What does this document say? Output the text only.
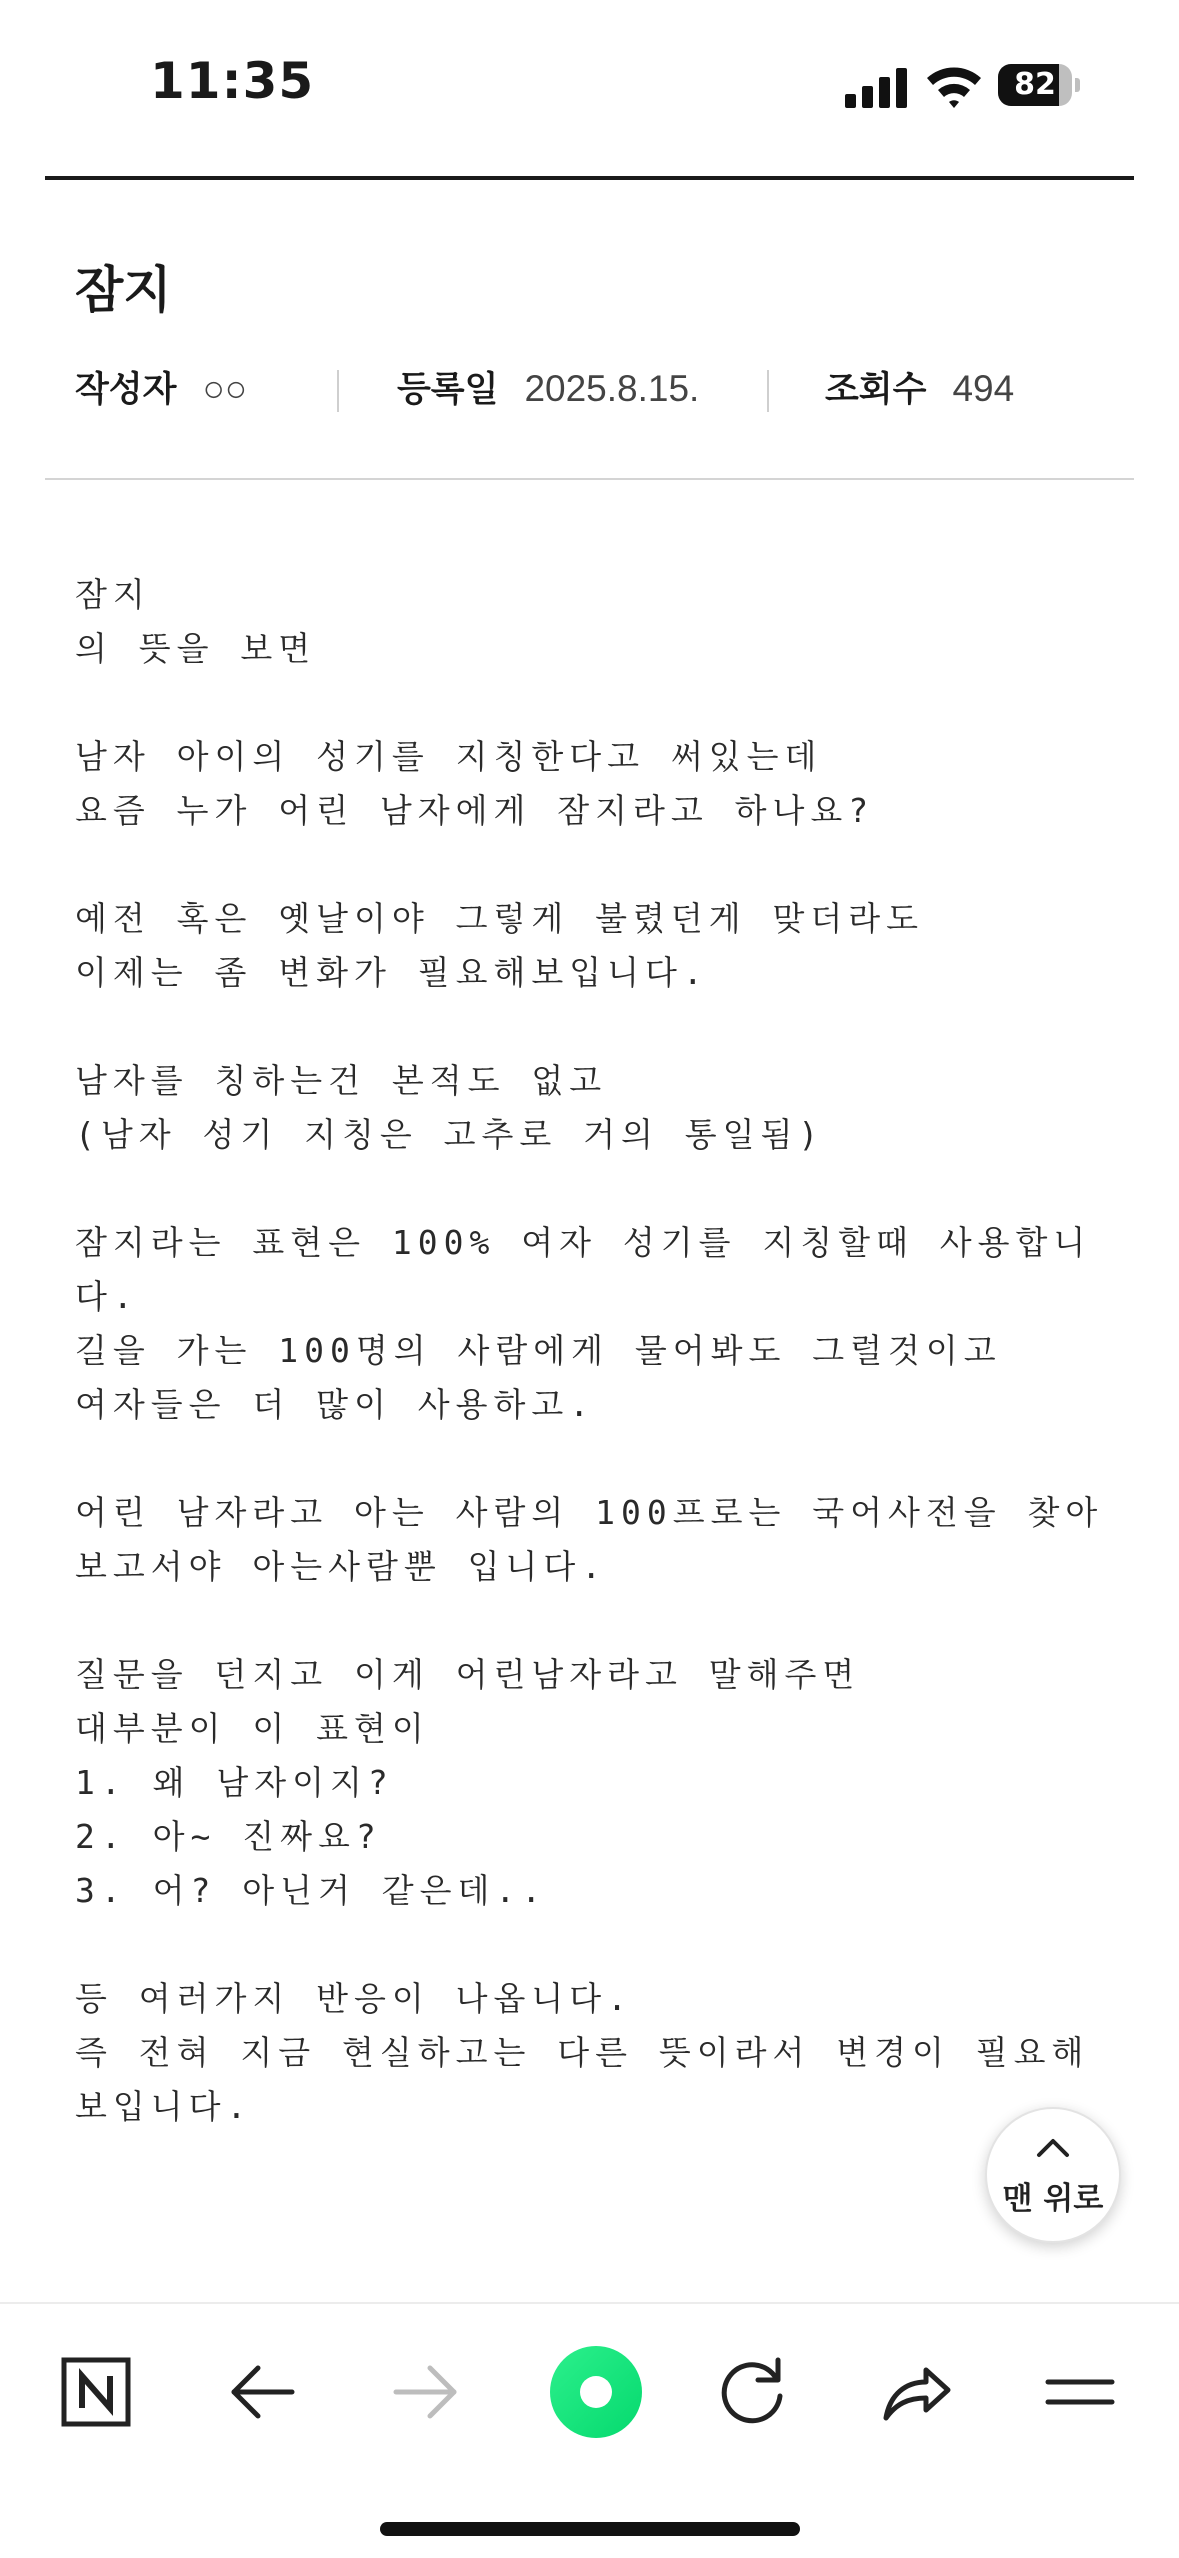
11:35	82
잠지
작성자 ○○	등록일 2025.8.15.	조회수 494

잠지

의 뜻을 보면

남자 아이의 성기를 지칭한다고 써있는데

요즘 누가 어린 남자에게 잠지라고 하나요?

예전 혹은 옛날이야 그렇게 불렸던게 맞더라도

이제는 좀 변화가 필요해보입니다.

남자를 칭하는건 본적도 없고

(남자 성기 지칭은 고추로 거의 통일됨)

잠지라는 표현은 100% 여자 성기를 지칭할때 사용합니

다.

길을 가는 100명의 사람에게 물어봐도 그럴것이고

여자들은 더 많이 사용하고.

어린 남자라고 아는 사람의 100프로는 국어사전을 찾아

보고서야 아는사람뿐 입니다.

질문을 던지고 이게 어린남자라고 말해주면

대부분이 이 표현이

1. 왜 남자이지?

2. 아~ 진짜요?

3. 어? 아닌거 같은데..

등 여러가지 반응이 나옵니다.

즉 전혀 지금 현실하고는 다른 뜻이라서 변경이 필요해

보입니다.

맨 위로
